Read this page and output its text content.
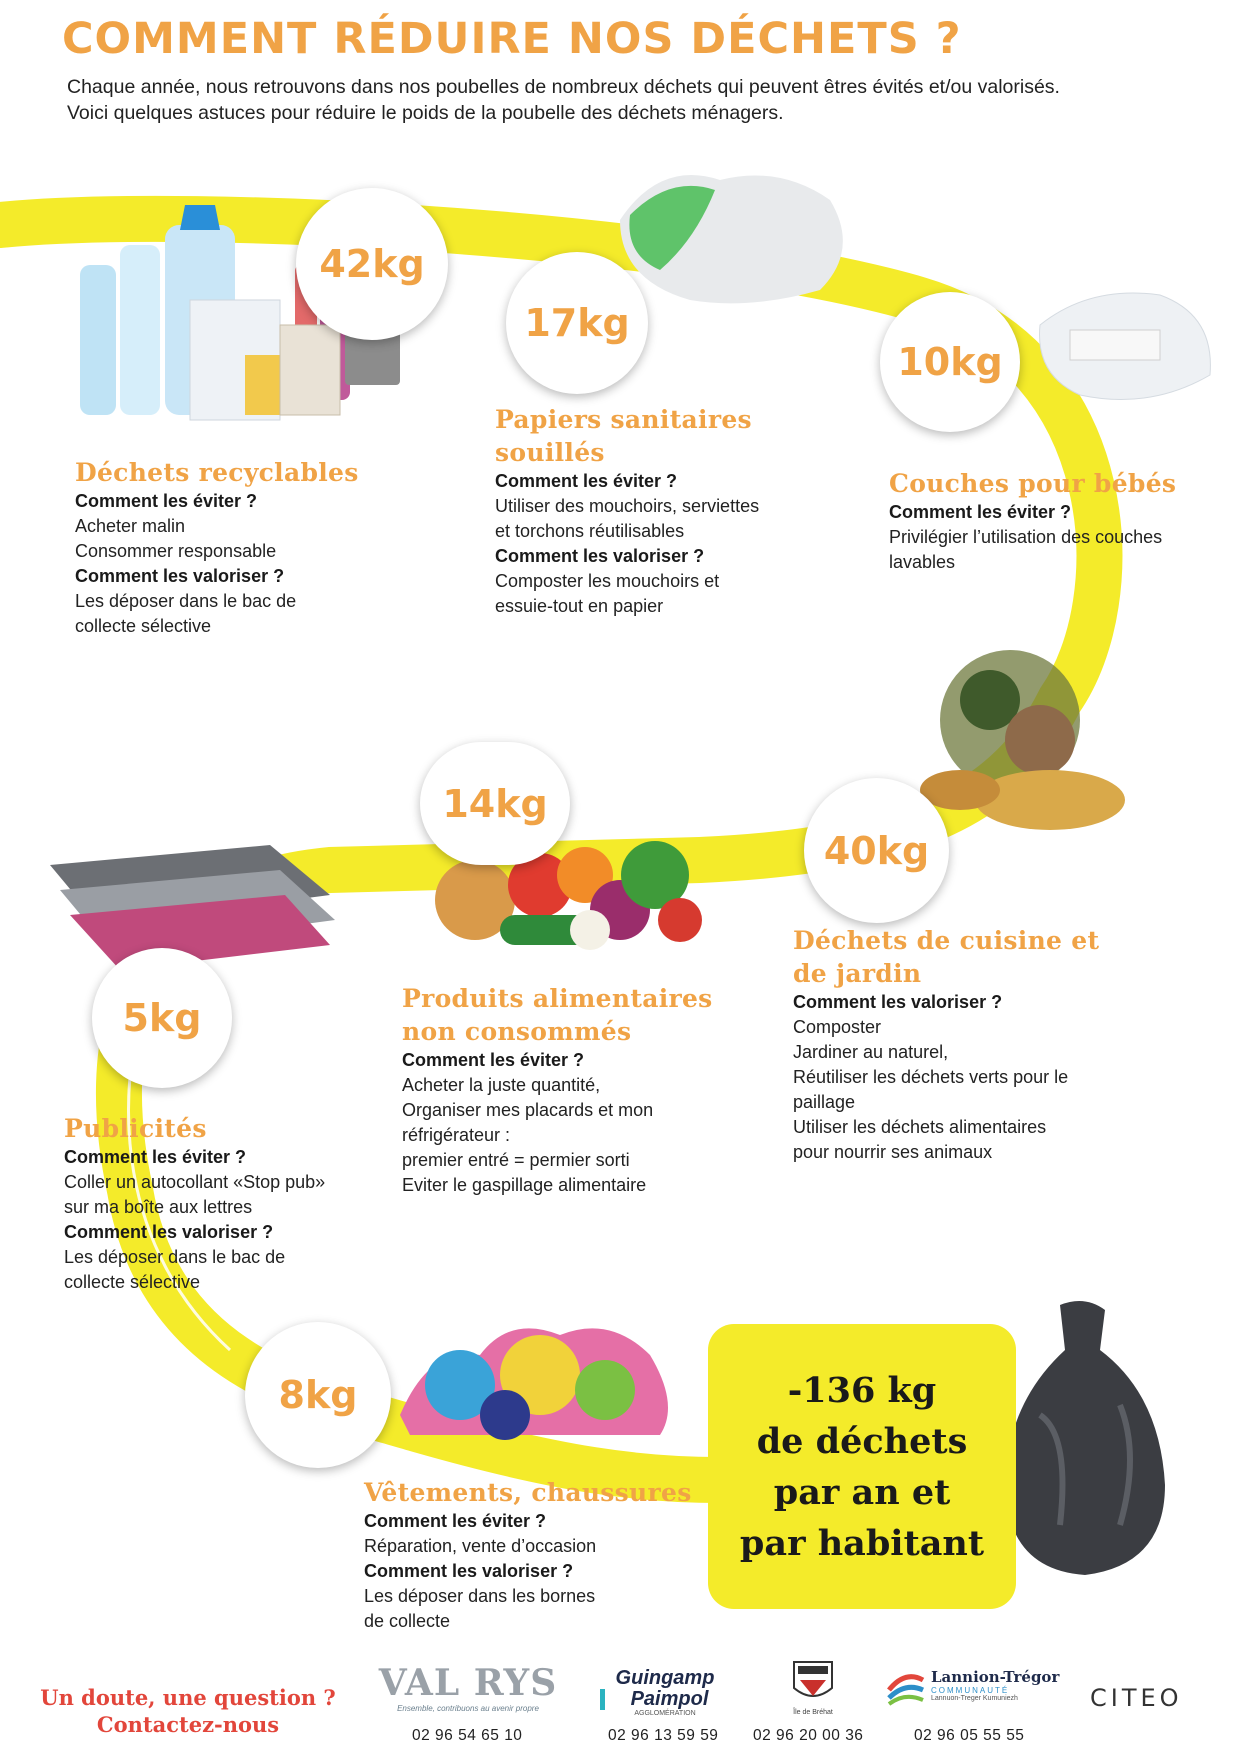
COMMENT RÉDUIRE NOS DÉCHETS ?
Chaque année, nous retrouvons dans nos poubelles de nombreux déchets qui peuvent êtres évités et/ou valorisés.
Voici quelques astuces pour réduire le poids de la poubelle des déchets ménagers.
42kg
17kg
10kg
40kg
14kg
5kg
8kg
Déchets recyclables
Comment les éviter ?
Acheter malin
Consommer responsable
Comment les valoriser ?
Les déposer dans le bac de
collecte sélective
Papiers sanitaires
souillés
Comment les éviter ?
Utiliser des mouchoirs, serviettes
et torchons réutilisables
Comment les valoriser ?
Composter les mouchoirs et
essuie-tout en papier
Couches pour bébés
Comment les éviter ?
Privilégier l’utilisation des couches
lavables
Déchets de cuisine et
de jardin
Comment les valoriser ?
Composter
Jardiner au naturel,
Réutiliser les déchets verts pour le
paillage
Utiliser les déchets alimentaires
pour nourrir ses animaux
Produits alimentaires
non consommés
Comment les éviter ?
Acheter la juste quantité,
Organiser mes placards et mon
réfrigérateur :
premier entré = permier sorti
Eviter le gaspillage alimentaire
Publicités
Comment les éviter ?
Coller un autocollant «Stop pub»
sur ma boîte aux lettres
Comment les valoriser ?
Les déposer dans le bac de
collecte sélective
Vêtements, chaussures
Comment les éviter ?
Réparation, vente d’occasion
Comment les valoriser ?
Les déposer dans les bornes
de collecte
-136 kg
de déchets
par an et
par habitant
Un doute, une question ?
Contactez-nous
VAL RYS
Ensemble, contribuons au avenir propre
Guingamp
Paimpol
AGGLOMÉRATION	Île de Bréhat
Lannion-Trégor
COMMUNAUTÉ
Lannuon-Treger Kumuniezh	CITEO
02 96 54 65 10	02 96 13 59 59 02 96 20 00 36	02 96 05 55 55
